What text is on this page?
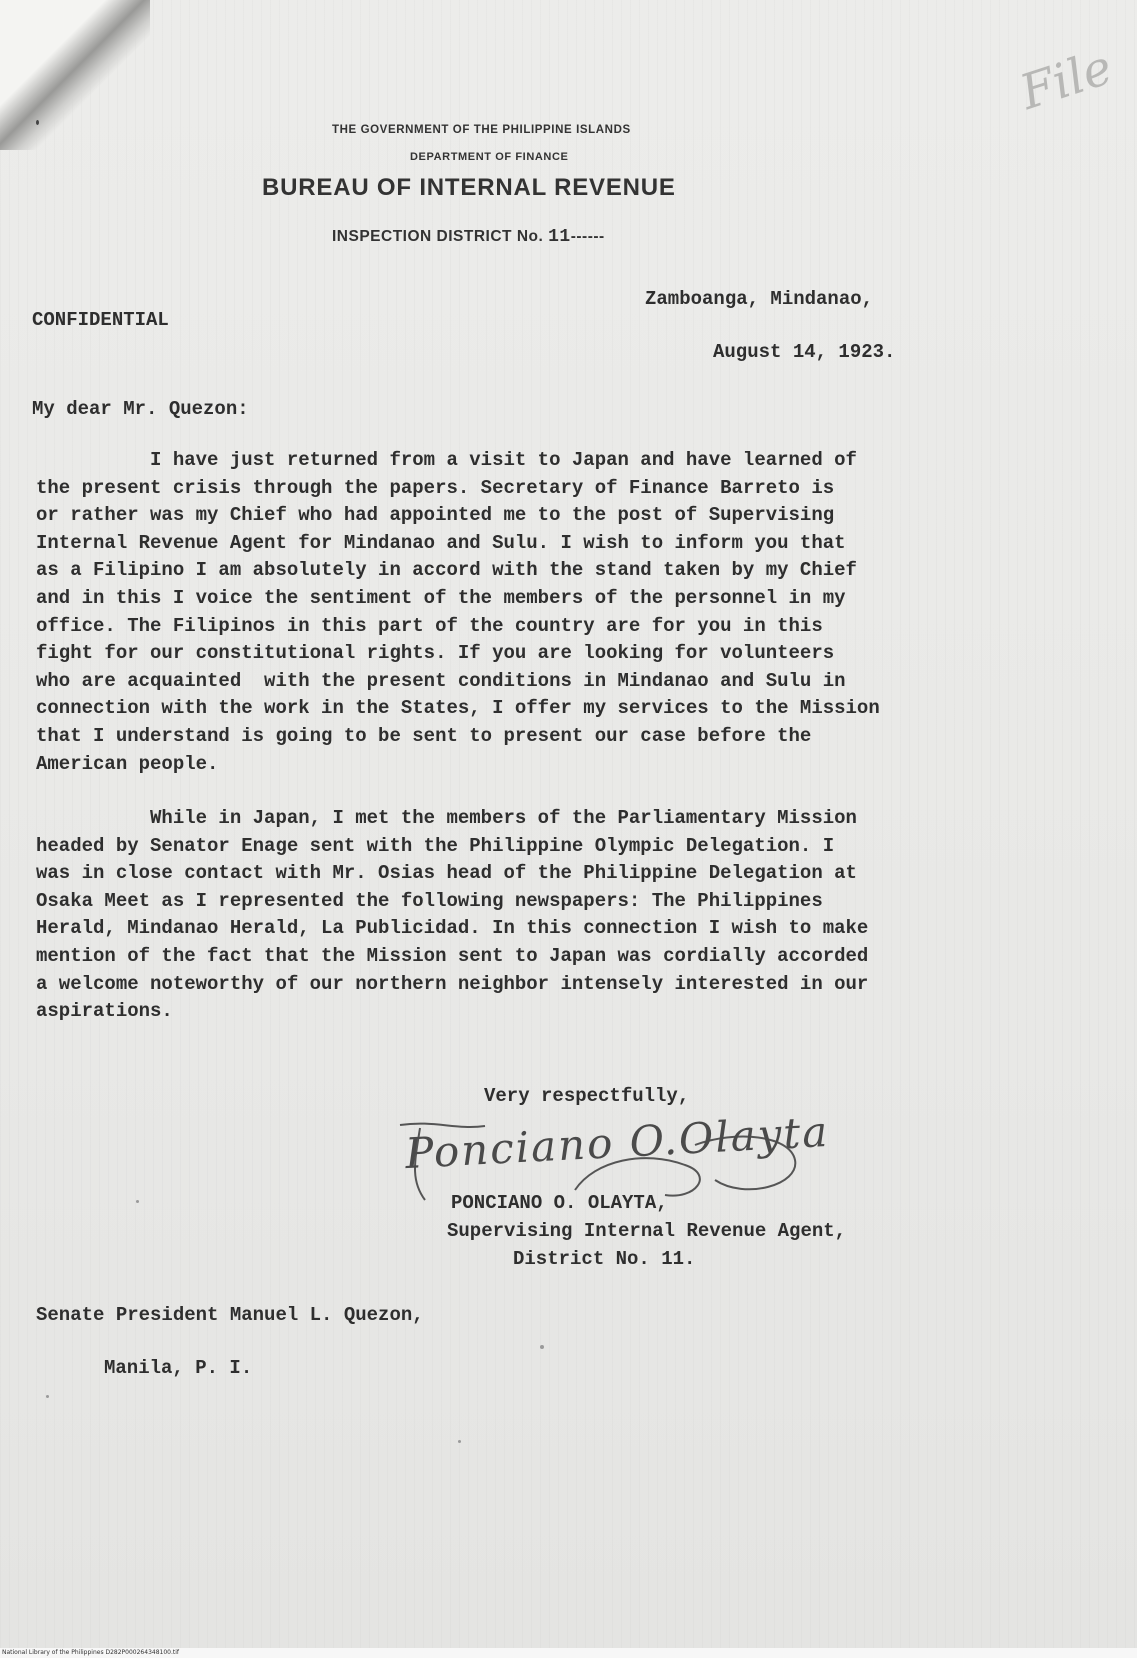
File
THE GOVERNMENT OF THE PHILIPPINE ISLANDS
DEPARTMENT OF FINANCE
BUREAU OF INTERNAL REVENUE
INSPECTION DISTRICT No. 11------
Zamboanga, Mindanao,
CONFIDENTIAL
August 14, 1923.
My dear Mr. Quezon:
I have just returned from a visit to Japan and have learned of
the present crisis through the papers. Secretary of Finance Barreto is
or rather was my Chief who had appointed me to the post of Supervising
Internal Revenue Agent for Mindanao and Sulu. I wish to inform you that
as a Filipino I am absolutely in accord with the stand taken by my Chief
and in this I voice the sentiment of the members of the personnel in my
office. The Filipinos in this part of the country are for you in this
fight for our constitutional rights. If you are looking for volunteers
who are acquainted  with the present conditions in Mindanao and Sulu in
connection with the work in the States, I offer my services to the Mission
that I understand is going to be sent to present our case before the
American people.
While in Japan, I met the members of the Parliamentary Mission
headed by Senator Enage sent with the Philippine Olympic Delegation. I
was in close contact with Mr. Osias head of the Philippine Delegation at
Osaka Meet as I represented the following newspapers: The Philippines
Herald, Mindanao Herald, La Publicidad. In this connection I wish to make
mention of the fact that the Mission sent to Japan was cordially accorded
a welcome noteworthy of our northern neighbor intensely interested in our
aspirations.
Very respectfully,
Ponciano O.Olayta
PONCIANO O. OLAYTA,
Supervising Internal Revenue Agent,
District No. 11.
Senate President Manuel L. Quezon,
Manila, P. I.
National Library of the Philippines D282P000264348100.tif
